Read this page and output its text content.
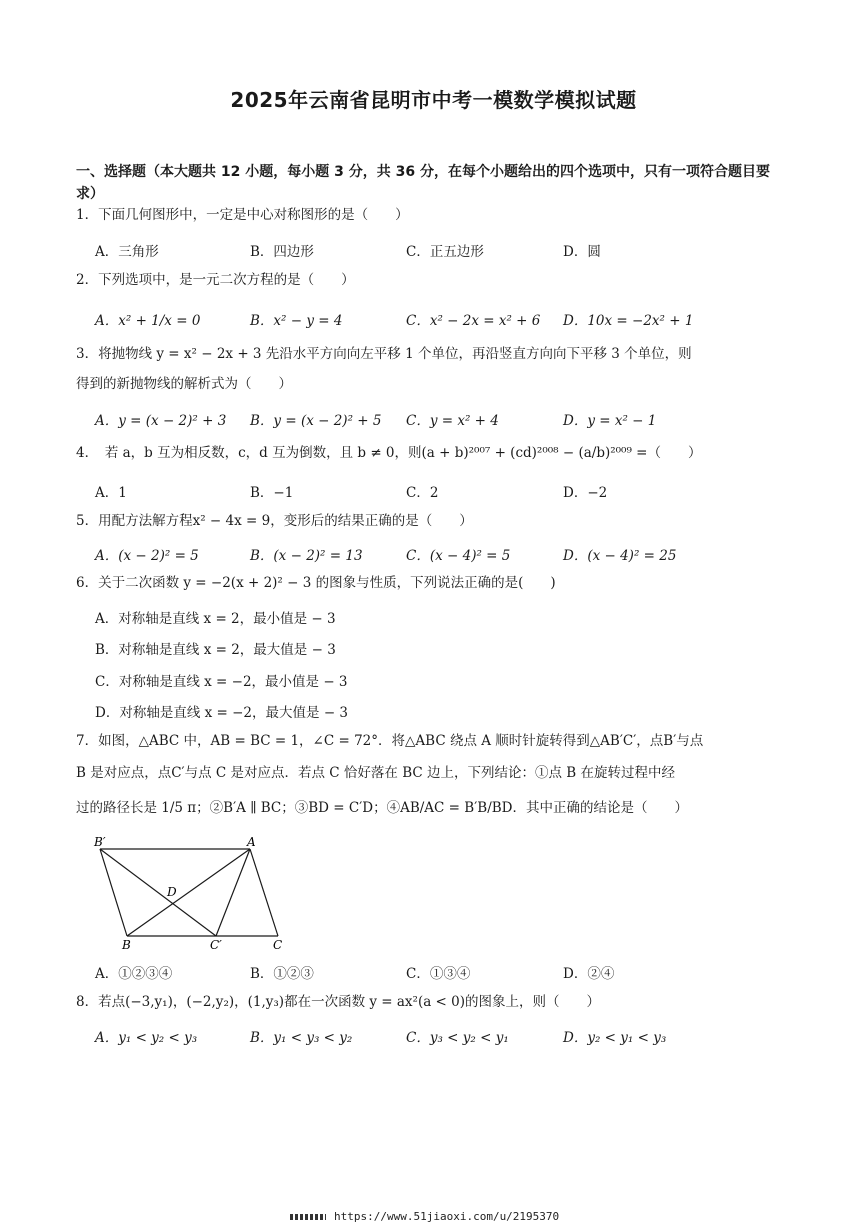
2025年云南省昆明市中考一模数学模拟试题
一、选择题（本大题共 12 小题，每小题 3 分，共 36 分，在每个小题给出的四个选项中，只有一项符合题目要求）
1．下面几何图形中，一定是中心对称图形的是（　　）
A．三角形	B．四边形	C．正五边形	D．圆
2．下列选项中，是一元二次方程的是（　　）
A．x² + 1/x = 0	B．x² − y = 4	C．x² − 2x = x² + 6 D．10x = −2x² + 1
3．将抛物线 y = x² − 2x + 3 先沿水平方向向左平移 1 个单位，再沿竖直方向向下平移 3 个单位，则
得到的新抛物线的解析式为（　　）
A．y = (x − 2)² + 3 B．y = (x − 2)² + 5 C．y = x² + 4	D．y = x² − 1
4．　若 a，b 互为相反数，c，d 互为倒数，且 b ≠ 0，则(a + b)²⁰⁰⁷ + (cd)²⁰⁰⁸ − (a/b)²⁰⁰⁹ =（　　）
A．1	B．−1	C．2	D．−2
5．用配方法解方程x² − 4x = 9，变形后的结果正确的是（　　）
A．(x − 2)² = 5	B．(x − 2)² = 13	C．(x − 4)² = 5	D．(x − 4)² = 25
6．关于二次函数 y = −2(x + 2)² − 3 的图象与性质，下列说法正确的是(　　)
A．对称轴是直线 x = 2，最小值是 − 3
B．对称轴是直线 x = 2，最大值是 − 3
C．对称轴是直线 x = −2，最小值是 − 3
D．对称轴是直线 x = −2，最大值是 − 3
7．如图，△ABC 中，AB = BC = 1，∠C = 72°．将△ABC 绕点 A 顺时针旋转得到△AB′C′，点B′与点
B 是对应点，点C′与点 C 是对应点．若点 C 恰好落在 BC 边上，下列结论：①点 B 在旋转过程中经
过的路径长是 1/5 π；②B′A ∥ BC；③BD = C′D；④AB/AC = B′B/BD．其中正确的结论是（　　）
B′	A
D
B	C′	C
A．①②③④	B．①②③	C．①③④	D．②④
8．若点(−3,y₁)，(−2,y₂)，(1,y₃)都在一次函数 y = ax²(a < 0)的图象上，则（　　）
A．y₁ < y₂ < y₃	B．y₁ < y₃ < y₂	C．y₃ < y₂ < y₁	D．y₂ < y₁ < y₃
https://www.51jiaoxi.com/u/2195370
